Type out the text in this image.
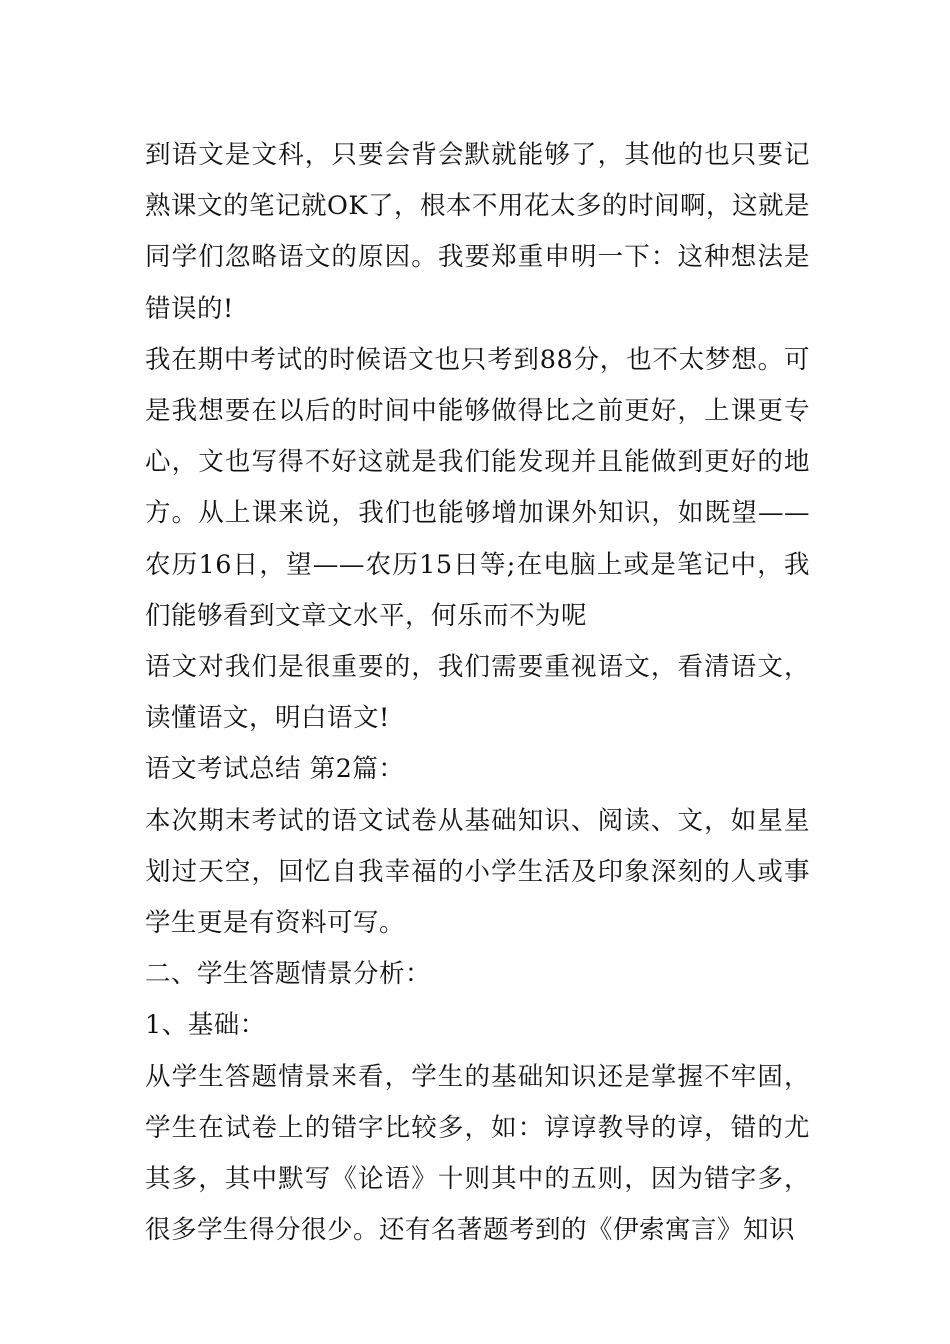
到语文是文科，只要会背会默就能够了，其他的也只要记熟课文的笔记就OK了，根本不用花太多的时间啊，这就是同学们忽略语文的原因。我要郑重申明一下：这种想法是错误的!

我在期中考试的时候语文也只考到88分，也不太梦想。可是我想要在以后的时间中能够做得比之前更好，上课更专心，文也写得不好这就是我们能发现并且能做到更好的地方。从上课来说，我们也能够增加课外知识，如既望——农历16日，望——农历15日等;在电脑上或是笔记中，我们能够看到文章文水平，何乐而不为呢

语文对我们是很重要的，我们需要重视语文，看清语文，读懂语文，明白语文!

语文考试总结 第2篇：

本次期末考试的语文试卷从基础知识、阅读、文，如星星划过天空，回忆自我幸福的小学生活及印象深刻的人或事学生更是有资料可写。

二、学生答题情景分析：

1、基础：

从学生答题情景来看，学生的基础知识还是掌握不牢固，学生在试卷上的错字比较多，如：谆谆教导的谆，错的尤其多，其中默写《论语》十则其中的五则，因为错字多，很多学生得分很少。还有名著题考到的《伊索寓言》知识
